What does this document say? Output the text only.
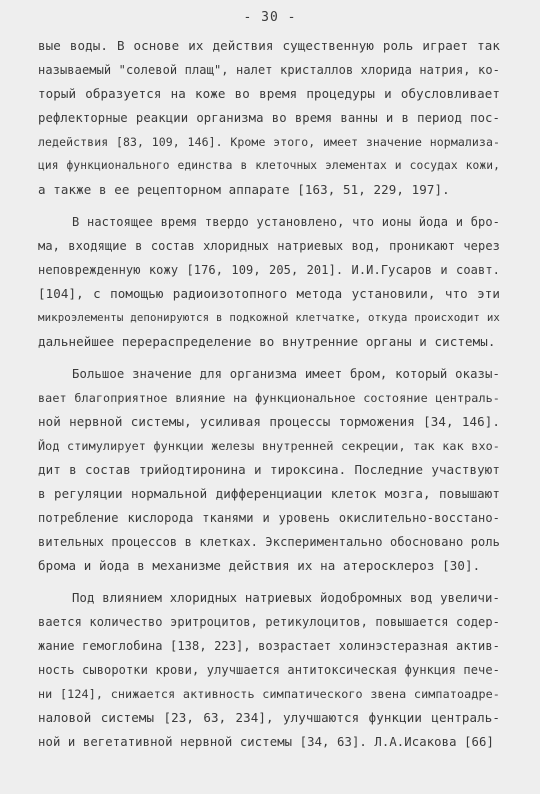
- 30 -
вые воды. В основе их действия существенную роль играет так
называемый "солевой плащ", налет кристаллов хлорида натрия, ко-
торый образуется на коже во время процедуры и обусловливает
рефлекторные реакции организма во время ванны и в период пос-
ледействия [83, 109, 146]. Кроме этого, имеет значение нормализа-
ция функционального единства в клеточных элементах и сосудах кожи,
а также в ее рецепторном аппарате [163, 51, 229, 197].
В настоящее время твердо установлено, что ионы йода и бро-
ма, входящие в состав хлоридных натриевых вод, проникают через
неповрежденную кожу [176, 109, 205, 201]. И.И.Гусаров и соавт.
[104], с помощью радиоизотопного метода установили, что эти
микроэлементы депонируются в подкожной клетчатке, откуда происходит их
дальнейшее перераспределение во внутренние органы и системы.
Большое значение для организма имеет бром, который оказы-
вает благоприятное влияние на функциональное состояние централь-
ной нервной системы, усиливая процессы торможения [34, 146].
Йод стимулирует функции железы внутренней секреции, так как вхо-
дит в состав трийодтиронина и тироксина. Последние участвуют
в регуляции нормальной дифференциации клеток мозга, повышают
потребление кислорода тканями и уровень окислительно-восстано-
вительных процессов в клетках. Экспериментально обосновано роль
брома и йода в механизме действия их на атеросклероз [30].
Под влиянием хлоридных натриевых йодобромных вод увеличи-
вается количество эритроцитов, ретикулоцитов, повышается содер-
жание гемоглобина [138, 223], возрастает холинэстеразная актив-
ность сыворотки крови, улучшается антитоксическая функция пече-
ни [124], снижается активность симпатического звена симпатоадре-
наловой системы [23, 63, 234], улучшаются функции централь-
ной и вегетативной нервной системы [34, 63]. Л.А.Исакова [66]
